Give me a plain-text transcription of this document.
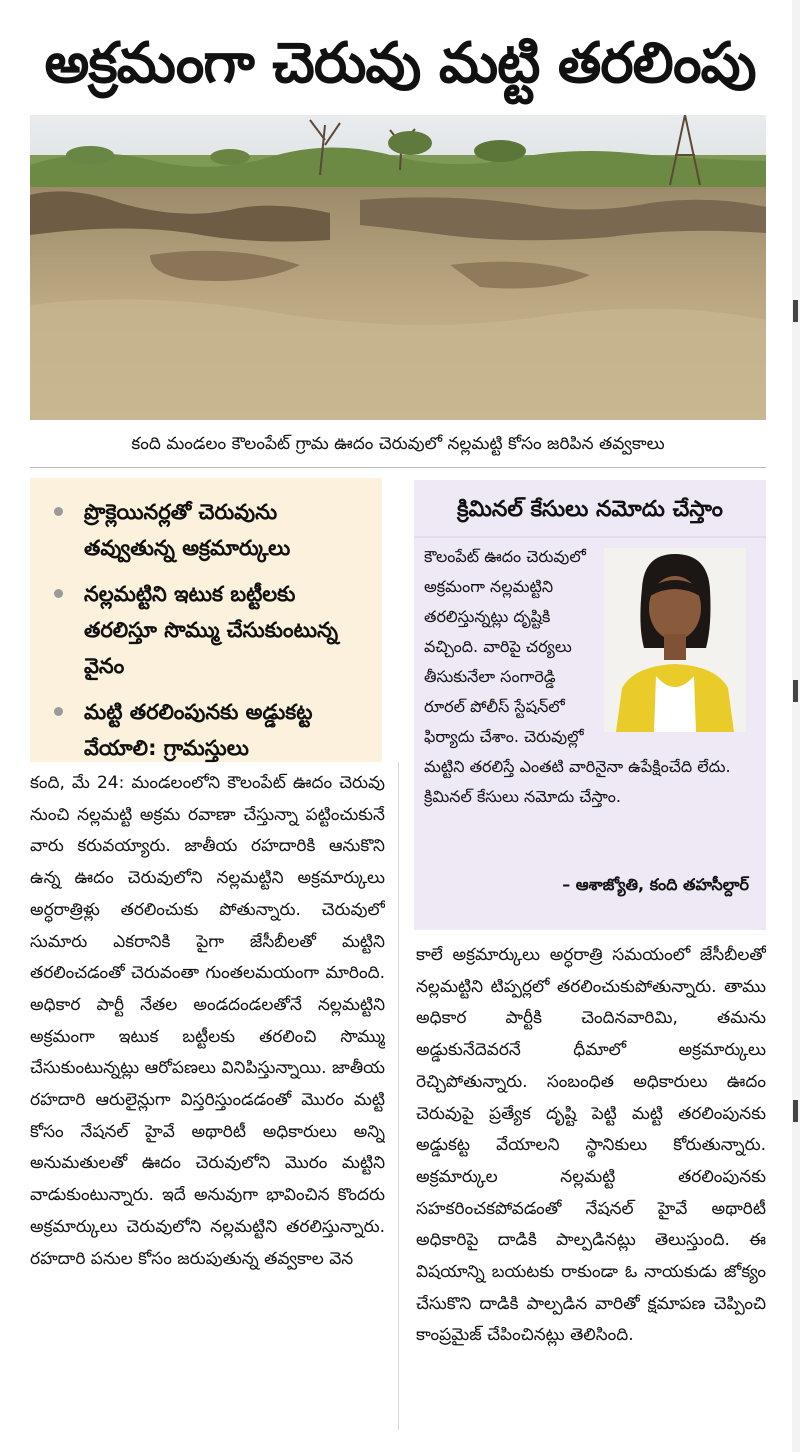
అక్రమంగా చెరువు మట్టి తరలింపు
కంది మండలం కౌలంపేట్ గ్రామ ఊదం చెరువులో నల్లమట్టి కోసం జరిపిన తవ్వకాలు
ప్రొక్లెయినర్లతో చెరువును తవ్వుతున్న అక్రమార్కులు
నల్లమట్టిని ఇటుక బట్టీలకు తరలిస్తూ సొమ్ము చేసుకుంటున్న వైనం
మట్టి తరలింపునకు అడ్డుకట్ట వేయాలి: గ్రామస్తులు
క్రిమినల్ కేసులు నమోదు చేస్తాం
కౌలంపేట్ ఊదం చెరువులో అక్రమంగా నల్లమట్టిని తరలిస్తున్నట్లు దృష్టికి వచ్చింది. వారిపై చర్యలు తీసుకునేలా సంగారెడ్డి రూరల్ పోలీస్ స్టేషన్‌లో ఫిర్యాదు చేశాం. చెరువుల్లో మట్టిని తరలిస్తే ఎంతటి వారినైనా ఉపేక్షించేది లేదు. క్రిమినల్ కేసులు నమోదు చేస్తాం.
– ఆశాజ్యోతి, కంది తహసీల్దార్
కంది, మే 24: మండలంలోని కౌలంపేట్ ఊదం చెరువు నుంచి నల్లమట్టి అక్రమ రవాణా చేస్తున్నా పట్టించుకునే వారు కరువయ్యారు. జాతీయ రహదారికి ఆనుకొని ఉన్న ఊదం చెరువులోని నల్లమట్టిని అక్రమార్కులు అర్ధరాత్రిళ్లు తరలించుకు పోతున్నారు. చెరువులో సుమారు ఎకరానికి పైగా జేసీబీలతో మట్టిని తరలించడంతో చెరువంతా గుంతలమయంగా మారింది. అధికార పార్టీ నేతల అండదండలతోనే నల్లమట్టిని అక్రమంగా ఇటుక బట్టీలకు తరలించి సొమ్ము చేసుకుంటున్నట్లు ఆరోపణలు వినిపిస్తున్నాయి. జాతీయ రహదారి ఆరులైన్లుగా విస్తరిస్తుండడంతో మొరం మట్టి కోసం నేషనల్ హైవే అథారిటీ అధికారులు అన్ని అనుమతులతో ఊదం చెరువులోని మొరం మట్టిని వాడుకుంటున్నారు. ఇదే అనువుగా భావించిన కొందరు అక్రమార్కులు చెరువులోని నల్లమట్టిని తరలిస్తున్నారు. రహదారి పనుల కోసం జరుపుతున్న తవ్వకాల వెన
కాలే అక్రమార్కులు అర్ధరాత్రి సమయంలో జేసీబీలతో నల్లమట్టిని టిప్పర్లలో తరలించుకుపోతున్నారు. తాము అధికార పార్టీకి చెందినవారిమి, తమను అడ్డుకునేదెవరనే ధీమాలో అక్రమార్కులు రెచ్చిపోతున్నారు. సంబంధిత అధికారులు ఊదం చెరువుపై ప్రత్యేక దృష్టి పెట్టి మట్టి తరలింపునకు అడ్డుకట్ట వేయాలని స్థానికులు కోరుతున్నారు. అక్రమార్కుల నల్లమట్టి తరలింపునకు సహకరించకపోవడంతో నేషనల్ హైవే అథారిటీ అధికారిపై దాడికి పాల్పడినట్లు తెలుస్తుంది. ఈ విషయాన్ని బయటకు రాకుండా ఓ నాయకుడు జోక్యం చేసుకొని దాడికి పాల్పడిన వారితో క్షమాపణ చెప్పించి కాంప్రమైజ్ చేపించినట్లు తెలిసింది.
